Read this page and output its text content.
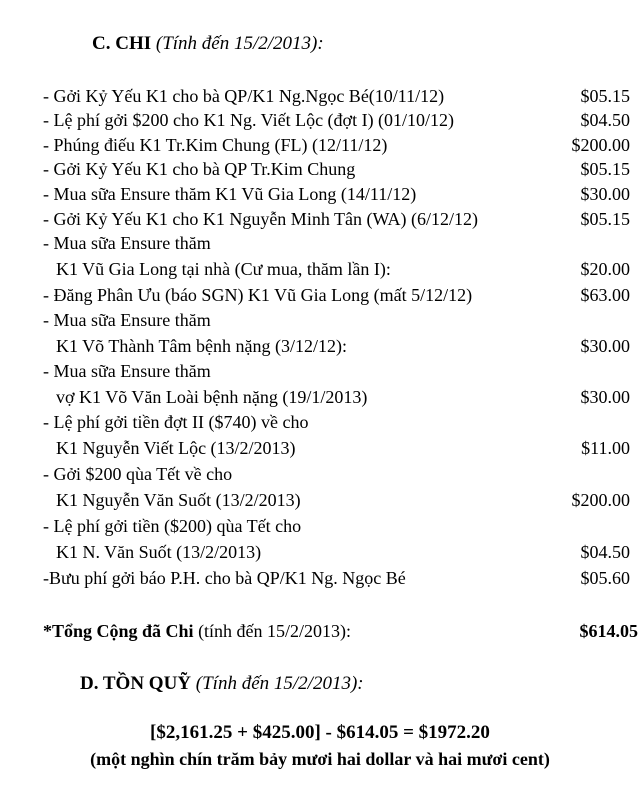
C. CHI (Tính đến 15/2/2013):
- Gởi Kỷ Yếu K1 cho bà QP/K1 Ng.Ngọc Bé(10/11/12)	$05.15
- Lệ phí gởi $200 cho K1 Ng. Viết Lộc (đợt I) (01/10/12)	$04.50
- Phúng điếu K1 Tr.Kim Chung (FL) (12/11/12)	$200.00
- Gởi Kỷ Yếu K1 cho bà QP Tr.Kim Chung	$05.15
- Mua sữa Ensure thăm K1 Vũ Gia Long (14/11/12)	$30.00
- Gởi Kỷ Yếu K1 cho K1 Nguyễn Minh Tân (WA) (6/12/12)	$05.15
- Mua sữa Ensure thăm
K1 Vũ Gia Long tại nhà (Cư mua, thăm lần I):	$20.00
- Đăng Phân Ưu (báo SGN) K1 Vũ Gia Long (mất 5/12/12)	$63.00
- Mua sữa Ensure thăm
K1 Võ Thành Tâm bệnh nặng (3/12/12):	$30.00
- Mua sữa Ensure thăm
vợ K1 Võ Văn Loài bệnh nặng (19/1/2013)	$30.00
- Lệ phí gởi tiền đợt II ($740) về cho
K1 Nguyễn Viết Lộc (13/2/2013)	$11.00
- Gởi $200 qùa Tết về cho
K1 Nguyễn Văn Suốt (13/2/2013)	$200.00
- Lệ phí gởi tiền ($200) qùa Tết cho
K1 N. Văn Suốt (13/2/2013)	$04.50
-Bưu phí gởi báo P.H. cho bà QP/K1 Ng. Ngọc Bé	$05.60
*Tổng Cộng đã Chi (tính đến 15/2/2013):	$614.05
D. TỒN QUỸ (Tính đến 15/2/2013):
[$2,161.25 + $425.00] - $614.05 = $1972.20
(một nghìn chín trăm bảy mươi hai dollar và hai mươi cent)
